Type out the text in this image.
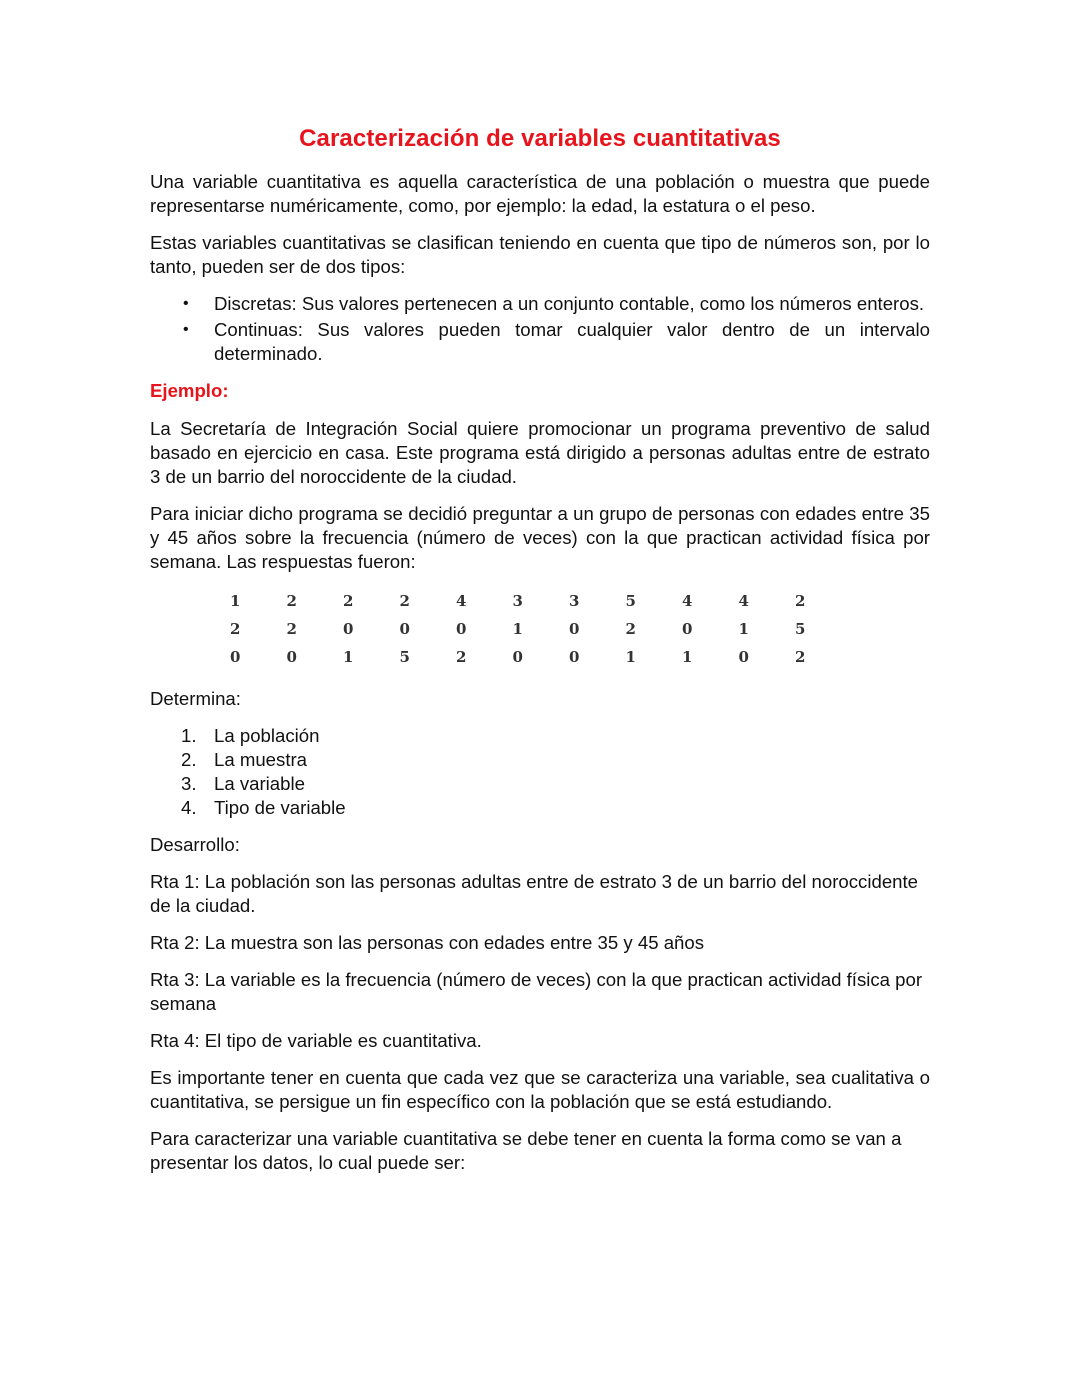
Caracterización de variables cuantitativas

Una variable cuantitativa es aquella característica de una población o muestra que puede representarse numéricamente, como, por ejemplo: la edad, la estatura o el peso.

Estas variables cuantitativas se clasifican teniendo en cuenta que tipo de números son, por lo tanto, pueden ser de dos tipos:

• Discretas: Sus valores pertenecen a un conjunto contable, como los números enteros.
• Continuas: Sus valores pueden tomar cualquier valor dentro de un intervalo determinado.
Ejemplo:

La Secretaría de Integración Social quiere promocionar un programa preventivo de salud basado en ejercicio en casa. Este programa está dirigido a personas adultas entre de estrato 3 de un barrio del noroccidente de la ciudad.

Para iniciar dicho programa se decidió preguntar a un grupo de personas con edades entre 35 y 45 años sobre la frecuencia (número de veces) con la que practican actividad física por semana. Las respuestas fueron:

1	2	2	2	4	3	3	5	4	4	2
2	2	0	0	0	1	0	2	0	1	5
0	0	1	5	2	0	0	1	1	0	2

Determina:

1. La población
2. La muestra
3. La variable
4. Tipo de variable

Desarrollo:

Rta 1: La población son las personas adultas entre de estrato 3 de un barrio del noroccidente de la ciudad.

Rta 2: La muestra son las personas con edades entre 35 y 45 años

Rta 3: La variable es la frecuencia (número de veces) con la que practican actividad física por semana

Rta 4: El tipo de variable es cuantitativa.

Es importante tener en cuenta que cada vez que se caracteriza una variable, sea cualitativa o cuantitativa, se persigue un fin específico con la población que se está estudiando.

Para caracterizar una variable cuantitativa se debe tener en cuenta la forma como se van a presentar los datos, lo cual puede ser:
